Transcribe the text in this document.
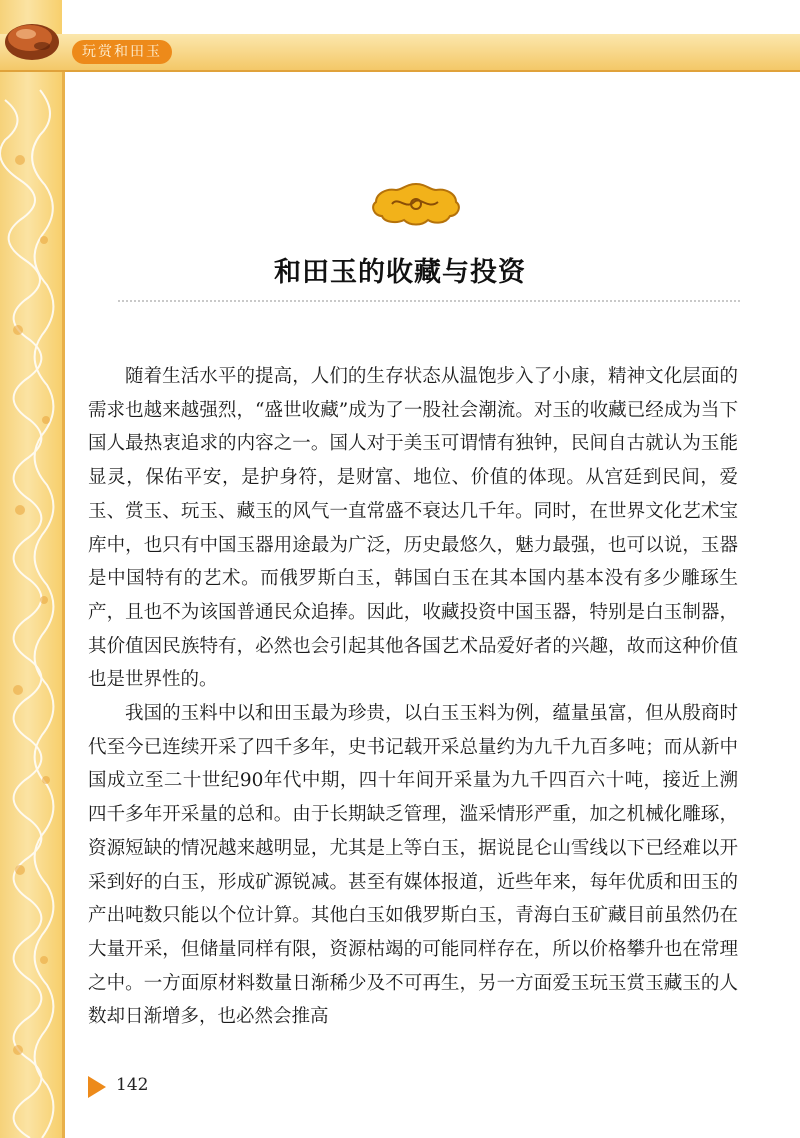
玩赏和田玉
和田玉的收藏与投资

随着生活水平的提高，人们的生存状态从温饱步入了小康，精神文化层面的需求也越来越强烈，“盛世收藏”成为了一股社会潮流。对玉的收藏已经成为当下国人最热衷追求的内容之一。国人对于美玉可谓情有独钟，民间自古就认为玉能显灵，保佑平安，是护身符，是财富、地位、价值的体现。从宫廷到民间，爱玉、赏玉、玩玉、藏玉的风气一直常盛不衰达几千年。同时，在世界文化艺术宝库中，也只有中国玉器用途最为广泛，历史最悠久，魅力最强，也可以说，玉器是中国特有的艺术。而俄罗斯白玉，韩国白玉在其本国内基本没有多少雕琢生产，且也不为该国普通民众追捧。因此，收藏投资中国玉器，特别是白玉制器，其价值因民族特有，必然也会引起其他各国艺术品爱好者的兴趣，故而这种价值也是世界性的。

我国的玉料中以和田玉最为珍贵，以白玉玉料为例，蕴量虽富，但从殷商时代至今已连续开采了四千多年，史书记载开采总量约为九千九百多吨；而从新中国成立至二十世纪90年代中期，四十年间开采量为九千四百六十吨，接近上溯四千多年开采量的总和。由于长期缺乏管理，滥采情形严重，加之机械化雕琢，资源短缺的情况越来越明显，尤其是上等白玉，据说昆仑山雪线以下已经难以开采到好的白玉，形成矿源锐减。甚至有媒体报道，近些年来，每年优质和田玉的产出吨数只能以个位计算。其他白玉如俄罗斯白玉，青海白玉矿藏目前虽然仍在大量开采，但储量同样有限，资源枯竭的可能同样存在，所以价格攀升也在常理之中。一方面原材料数量日渐稀少及不可再生，另一方面爱玉玩玉赏玉藏玉的人数却日渐增多，也必然会推高

142
